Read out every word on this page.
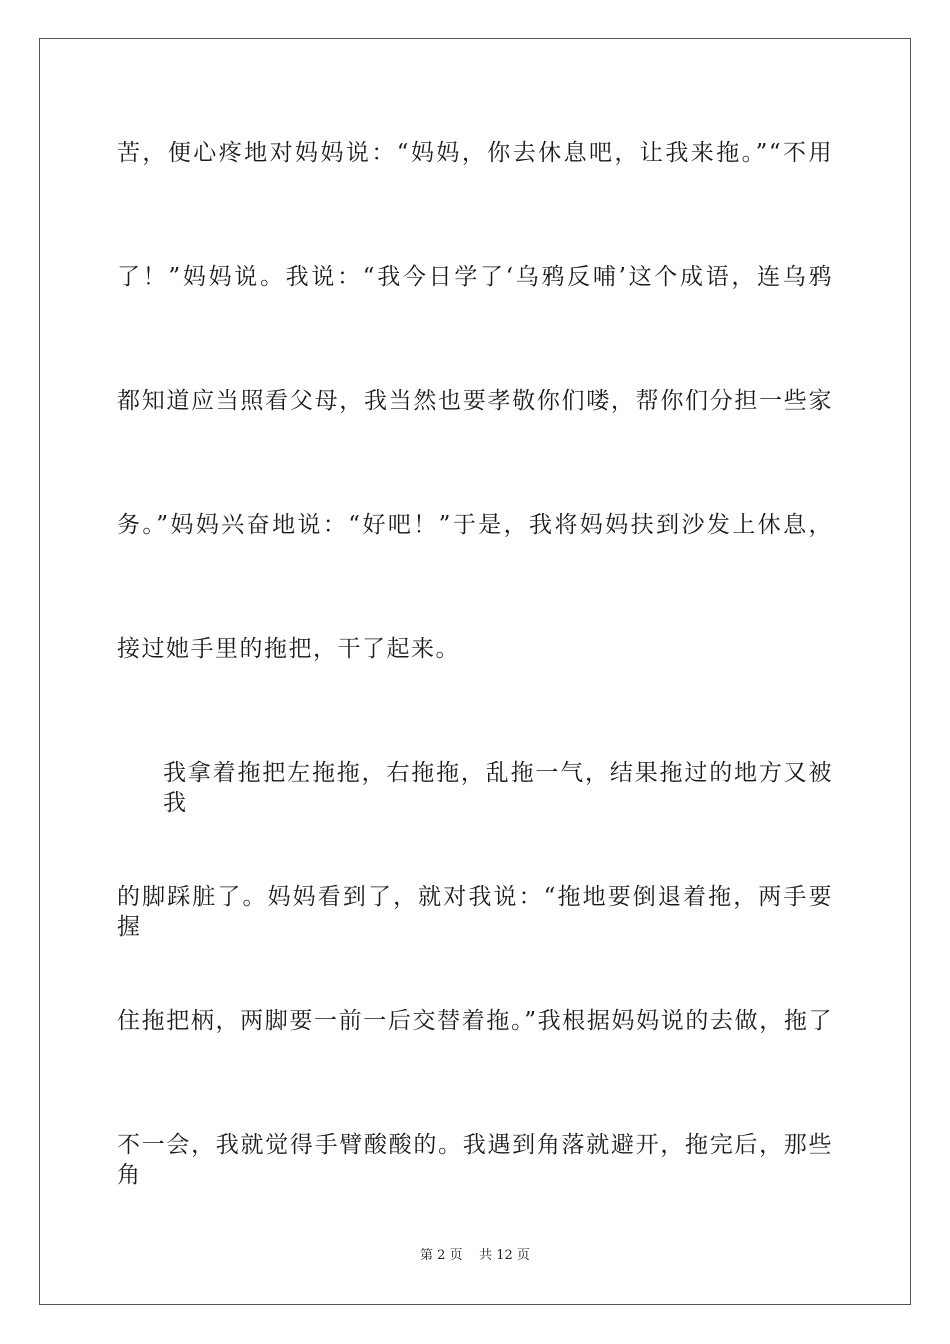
苦，便心疼地对妈妈说：“妈妈，你去休息吧，让我来拖。”“不用
了！”妈妈说。我说：“我今日学了‘乌鸦反哺’这个成语，连乌鸦
都知道应当照看父母，我当然也要孝敬你们喽，帮你们分担一些家
务。”妈妈兴奋地说：“好吧！”于是，我将妈妈扶到沙发上休息，
接过她手里的拖把，干了起来。
我拿着拖把左拖拖，右拖拖，乱拖一气，结果拖过的地方又被我
的脚踩脏了。妈妈看到了，就对我说：“拖地要倒退着拖，两手要握
住拖把柄，两脚要一前一后交替着拖。”我根据妈妈说的去做，拖了
不一会，我就觉得手臂酸酸的。我遇到角落就避开，拖完后，那些角
第 2 页 共 12 页
